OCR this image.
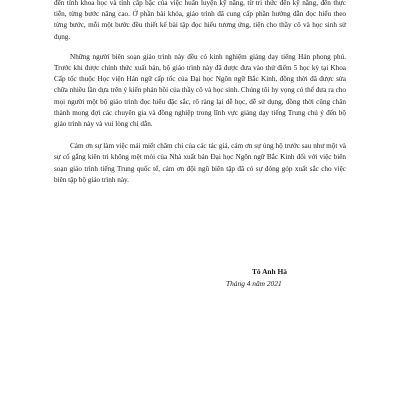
đến tính khoa học và tính cấp bậc của việc huấn luyện kỹ năng, từ tri thức đến kỹ năng, đến thực tiễn, từng bước nâng cao. Ở phần bài khóa, giáo trình đã cung cấp phần hướng dẫn đọc hiểu theo từng bước, mỗi một bước đều thiết kế bài tập đọc hiểu tương ứng, tiện cho thầy cô và học sinh sử dụng.

Những người biên soạn giáo trình này đều có kinh nghiệm giảng dạy tiếng Hán phong phú. Trước khi được chính thức xuất bản, bộ giáo trình này đã được đưa vào thử điểm 5 học kỳ tại Khoa Cấp tốc thuộc Học viện Hán ngữ cấp tốc của Đại học Ngôn ngữ Bắc Kinh, đồng thời đã được sửa chữa nhiều lần dựa trên ý kiến phản hồi của thầy cô và học sinh. Chúng tôi hy vọng có thể đưa ra cho mọi người một bộ giáo trình đọc hiểu đặc sắc, rõ ràng lại dễ học, dễ sử dụng, đồng thời cũng chân thành mong đợi các chuyên gia và đồng nghiệp trong lĩnh vực giảng dạy tiếng Trung chú ý đến bộ giáo trình này và vui lòng chỉ dẫn.

Cảm ơn sự làm việc mải miết chăm chỉ của các tác giả, cảm ơn sự ủng hộ trước sau như một và sự cố gắng kiên trì không mệt mỏi của Nhà xuất bản Đại học Ngôn ngữ Bắc Kinh đối với việc biên soạn giáo trình tiếng Trung quốc tế, cảm ơn đội ngũ biên tập đã có sự đóng góp xuất sắc cho việc biên tập bộ giáo trình này.

Tô Anh Hà
Tháng 4 năm 2021
